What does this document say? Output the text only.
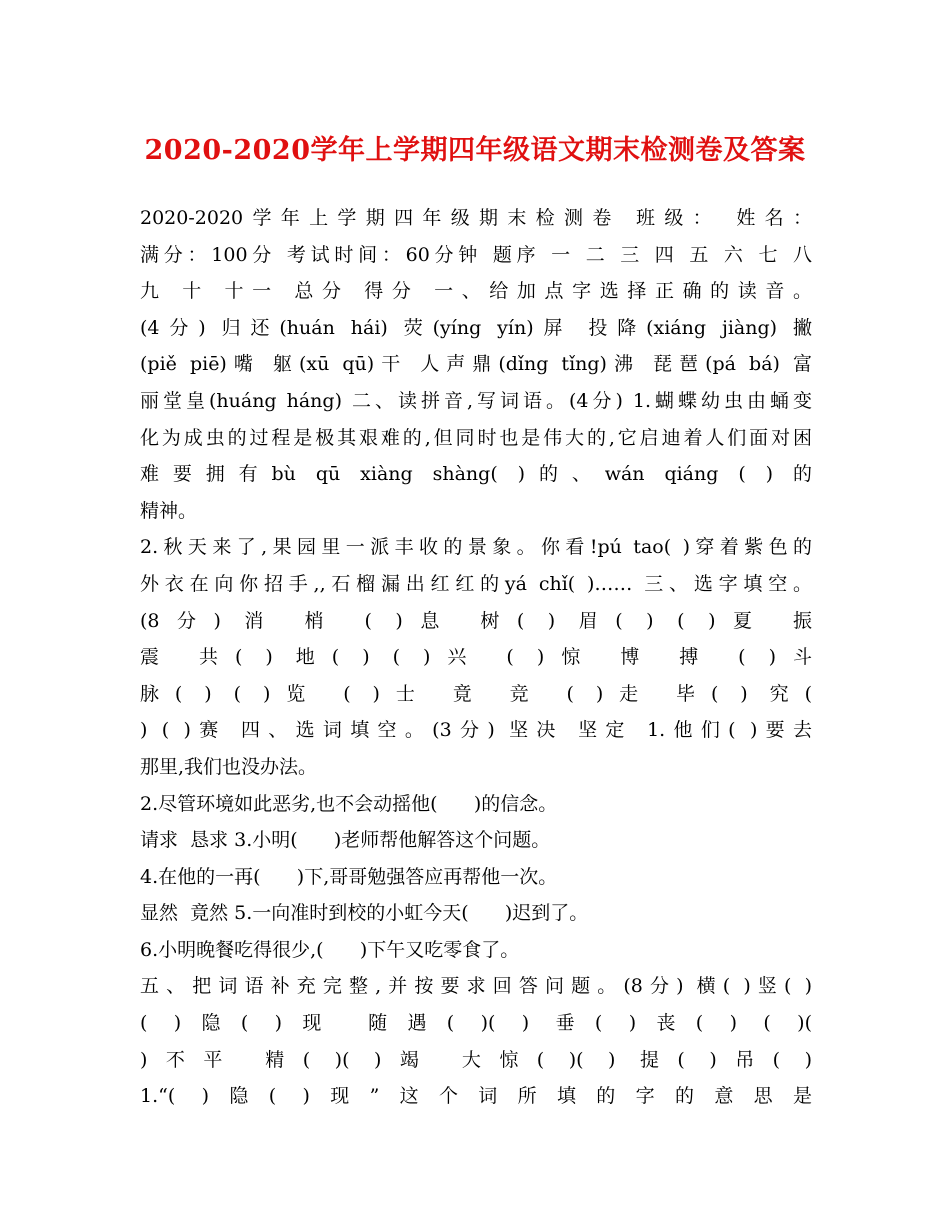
2020-2020学年上学期四年级语文期末检测卷及答案
2020-2020学年上学期四年级期末检测卷 班级： 姓名：
满分：100分 考试时间：60分钟 题序 一 二 三 四 五 六 七 八
九 十 十一 总分 得分 一、给加点字选择正确的读音。
(4分) 归还(huán hái) 荧(yíng yín)屏 投降(xiáng jiàng) 撇
(piě piē)嘴 躯(xū qū)干 人声鼎(dǐng tǐng)沸 琵琶(pá bá) 富
丽堂皇(huáng háng) 二、读拼音,写词语。(4分) 1.蝴蝶幼虫由蛹变
化为成虫的过程是极其艰难的,但同时也是伟大的,它启迪着人们面对困
难要拥有bù qū xiàng shàng( )的、wán qiáng ( ) 的
精神。
2.秋天来了,果园里一派丰收的景象。你看!pú tao( )穿着紫色的
外衣在向你招手,,石榴漏出红红的yá chǐ( )…… 三、选字填空。
(8分) 消 梢 ( )息 树( ) 眉( ) ( )夏 振
震 共( ) 地( ) ( )兴 ( )惊 博 搏 ( )斗
脉( ) ( )览 ( )士 竟 竞 ( )走 毕( ) 究(
) ( )赛 四、选词填空。(3分) 坚决 坚定 1.他们( )要去
那里,我们也没办法。
2.尽管环境如此恶劣,也不会动摇他(      )的信念。
请求  恳求 3.小明(      )老师帮他解答这个问题。
4.在他的一再(      )下,哥哥勉强答应再帮他一次。
显然  竟然 5.一向准时到校的小虹今天(      )迟到了。
6.小明晚餐吃得很少,(      )下午又吃零食了。
五、把词语补充完整,并按要求回答问题。(8分) 横( )竖( )
( )隐( )现 随遇( )( ) 垂( )丧( ) ( )(
)不平 精( )( )竭 大惊( )( ) 提( )吊( )
1.“( )隐( )现”这个词所填的字的意思是
